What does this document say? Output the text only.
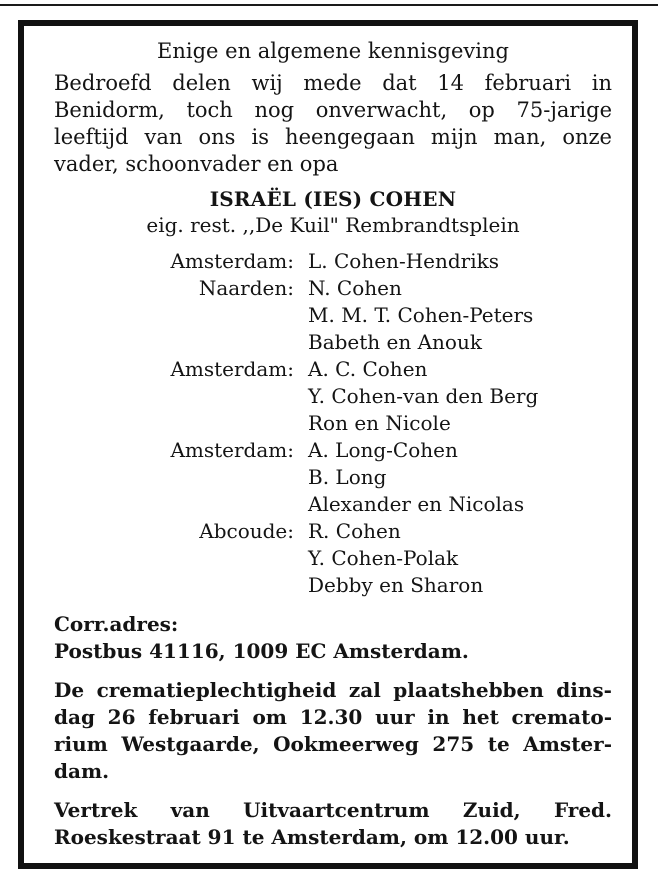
Enige en algemene kennisgeving

Bedroefd delen wij mede dat 14 februari in
Benidorm, toch nog onverwacht, op 75-jarige
leeftijd van ons is heengegaan mijn man, onze
vader, schoonvader en opa

ISRAËL (IES) COHEN

eig. rest. ,,De Kuil" Rembrandtsplein

Amsterdam: L. Cohen-Hendriks
Naarden: N. Cohen
M. M. T. Cohen-Peters
Babeth en Anouk
Amsterdam: A. C. Cohen
Y. Cohen-van den Berg
Ron en Nicole
Amsterdam: A. Long-Cohen
B. Long
Alexander en Nicolas
Abcoude: R. Cohen
Y. Cohen-Polak
Debby en Sharon
Corr.adres:
Postbus 41116, 1009 EC Amsterdam.
De crematieplechtigheid zal plaatshebben dins-
dag 26 februari om 12.30 uur in het cremato-
rium Westgaarde, Ookmeerweg 275 te Amster-
dam.
Vertrek van Uitvaartcentrum Zuid, Fred.
Roeskestraat 91 te Amsterdam, om 12.00 uur.
